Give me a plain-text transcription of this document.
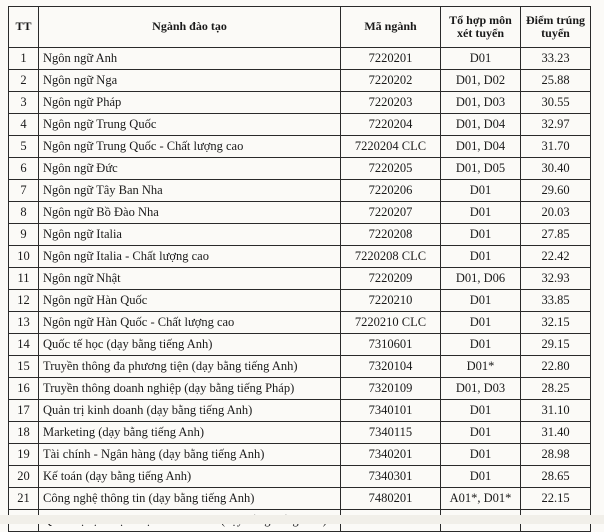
TT	Ngành đào tạo	Mã ngành	Tổ hợp môn xét tuyển	Điểm trúng tuyển
1	Ngôn ngữ Anh	7220201	D01	33.23
2	Ngôn ngữ Nga	7220202	D01, D02	25.88
3	Ngôn ngữ Pháp	7220203	D01, D03	30.55
4	Ngôn ngữ Trung Quốc	7220204	D01, D04	32.97
5	Ngôn ngữ Trung Quốc - Chất lượng cao	7220204 CLC	D01, D04	31.70
6	Ngôn ngữ Đức	7220205	D01, D05	30.40
7	Ngôn ngữ Tây Ban Nha	7220206	D01	29.60
8	Ngôn ngữ Bồ Đào Nha	7220207	D01	20.03
9	Ngôn ngữ Italia	7220208	D01	27.85
10	Ngôn ngữ Italia - Chất lượng cao	7220208 CLC	D01	22.42
11	Ngôn ngữ Nhật	7220209	D01, D06	32.93
12	Ngôn ngữ Hàn Quốc	7220210	D01	33.85
13	Ngôn ngữ Hàn Quốc - Chất lượng cao	7220210 CLC	D01	32.15
14	Quốc tế học (dạy bằng tiếng Anh)	7310601	D01	29.15
15	Truyền thông đa phương tiện (dạy bằng tiếng Anh)	7320104	D01*	22.80
16	Truyền thông doanh nghiệp (dạy bằng tiếng Pháp)	7320109	D01, D03	28.25
17	Quản trị kinh doanh (dạy bằng tiếng Anh)	7340101	D01	31.10
18	Marketing (dạy bằng tiếng Anh)	7340115	D01	31.40
19	Tài chính - Ngân hàng (dạy bằng tiếng Anh)	7340201	D01	28.98
20	Kế toán (dạy bằng tiếng Anh)	7340301	D01	28.65
21	Công nghệ thông tin (dạy bằng tiếng Anh)	7480201	A01*, D01*	22.15
